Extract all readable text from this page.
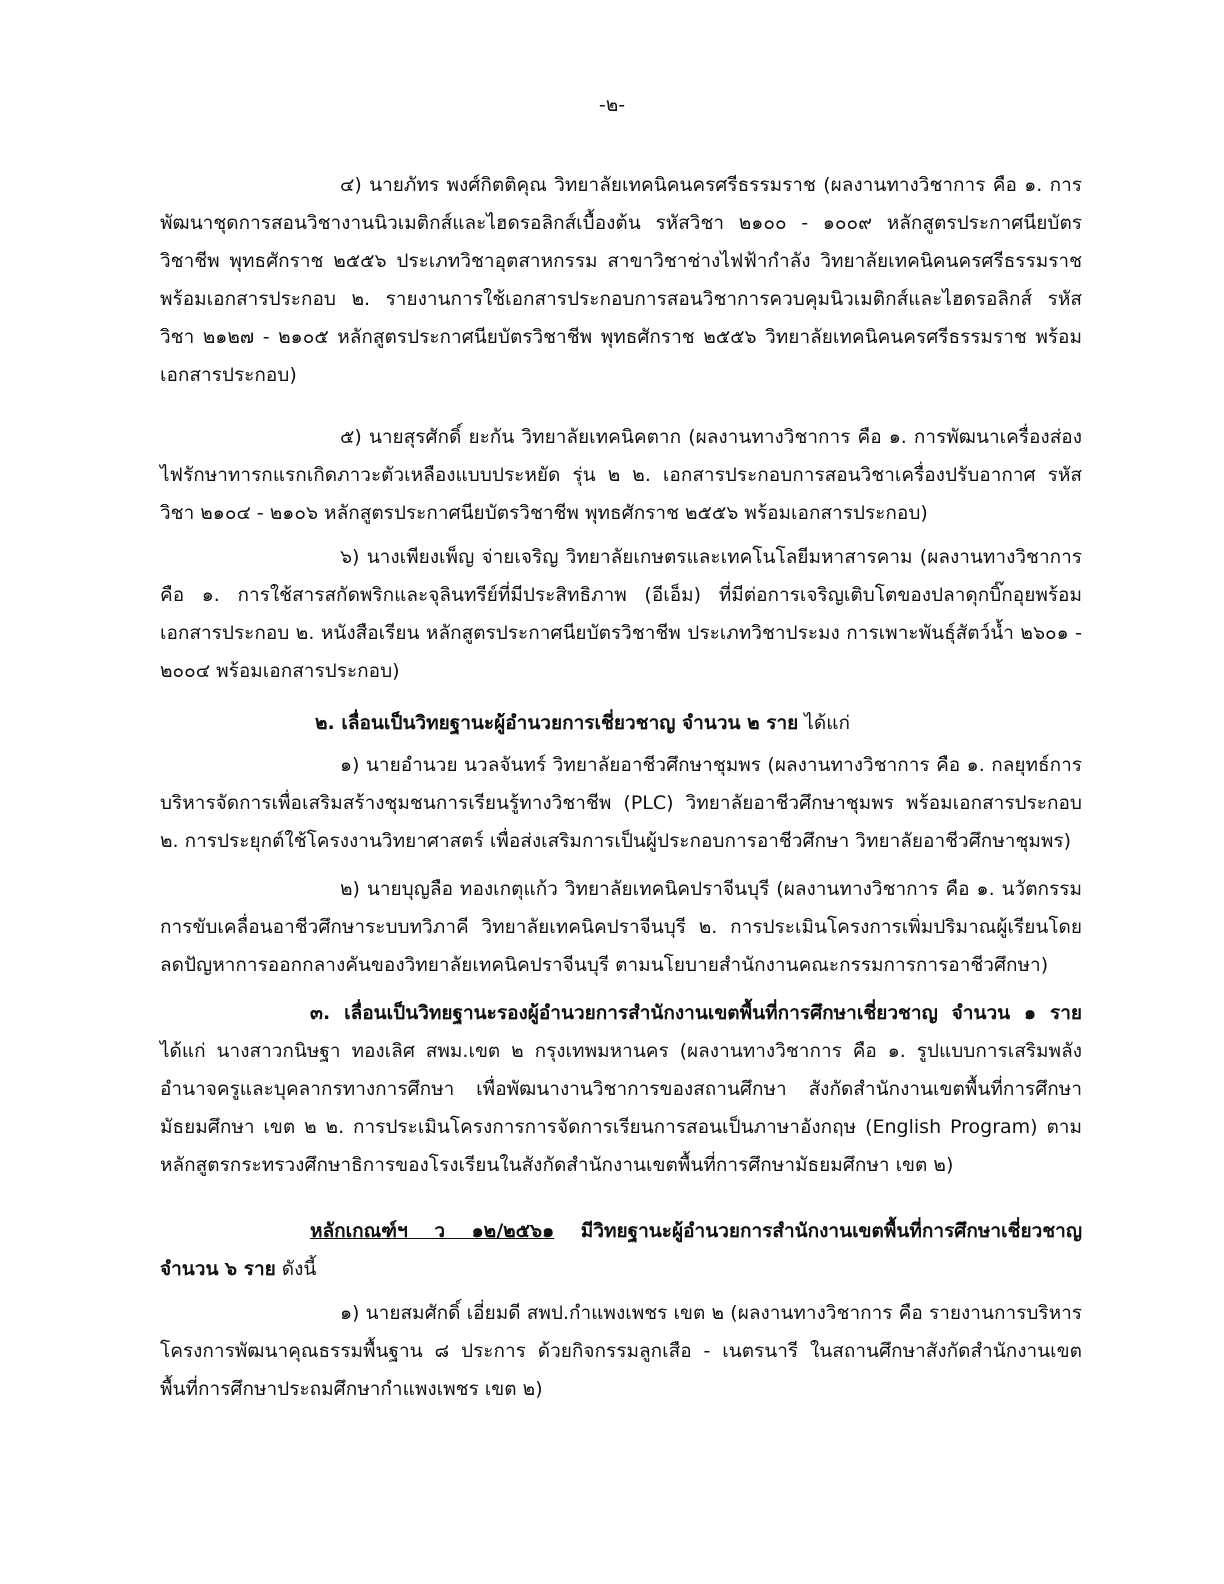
-๒-
๔) นายภัทร พงศ์กิตติคุณ วิทยาลัยเทคนิคนครศรีธรรมราช (ผลงานทางวิชาการ คือ ๑. การพัฒนาชุดการสอนวิชางานนิวเมติกส์และไฮดรอลิกส์เบื้องต้น รหัสวิชา ๒๑๐๐ - ๑๐๐๙ หลักสูตรประกาศนียบัตรวิชาชีพ พุทธศักราช ๒๕๕๖ ประเภทวิชาอุตสาหกรรม สาขาวิชาช่างไฟฟ้ากำลัง วิทยาลัยเทคนิคนครศรีธรรมราช พร้อมเอกสารประกอบ ๒. รายงานการใช้เอกสารประกอบการสอนวิชาการควบคุมนิวเมติกส์และไฮดรอลิกส์ รหัสวิชา ๒๑๒๗ - ๒๑๐๕ หลักสูตรประกาศนียบัตรวิชาชีพ พุทธศักราช ๒๕๕๖ วิทยาลัยเทคนิคนครศรีธรรมราช พร้อมเอกสารประกอบ)
๕) นายสุรศักดิ์ ยะกัน วิทยาลัยเทคนิคตาก (ผลงานทางวิชาการ คือ ๑. การพัฒนาเครื่องส่องไฟรักษาทารกแรกเกิดภาวะตัวเหลืองแบบประหยัด รุ่น ๒ ๒. เอกสารประกอบการสอนวิชาเครื่องปรับอากาศ รหัสวิชา ๒๑๐๔ - ๒๑๐๖ หลักสูตรประกาศนียบัตรวิชาชีพ พุทธศักราช ๒๕๕๖ พร้อมเอกสารประกอบ)
๖) นางเพียงเพ็ญ จ่ายเจริญ วิทยาลัยเกษตรและเทคโนโลยีมหาสารคาม (ผลงานทางวิชาการ คือ ๑. การใช้สารสกัดพริกและจุลินทรีย์ที่มีประสิทธิภาพ (อีเอ็ม) ที่มีต่อการเจริญเติบโตของปลาดุกบิ๊กอุยพร้อมเอกสารประกอบ ๒. หนังสือเรียน หลักสูตรประกาศนียบัตรวิชาชีพ ประเภทวิชาประมง การเพาะพันธุ์สัตว์น้ำ ๒๖๐๑ - ๒๐๐๔ พร้อมเอกสารประกอบ)
๒. เลื่อนเป็นวิทยฐานะผู้อำนวยการเชี่ยวชาญ จำนวน ๒ ราย ได้แก่
๑) นายอำนวย นวลจันทร์ วิทยาลัยอาชีวศึกษาชุมพร (ผลงานทางวิชาการ คือ ๑. กลยุทธ์การบริหารจัดการเพื่อเสริมสร้างชุมชนการเรียนรู้ทางวิชาชีพ (PLC) วิทยาลัยอาชีวศึกษาชุมพร พร้อมเอกสารประกอบ ๒. การประยุกต์ใช้โครงงานวิทยาศาสตร์ เพื่อส่งเสริมการเป็นผู้ประกอบการอาชีวศึกษา วิทยาลัยอาชีวศึกษาชุมพร)
๒) นายบุญลือ ทองเกตุแก้ว วิทยาลัยเทคนิคปราจีนบุรี (ผลงานทางวิชาการ คือ ๑. นวัตกรรมการขับเคลื่อนอาชีวศึกษาระบบทวิภาคี วิทยาลัยเทคนิคปราจีนบุรี ๒. การประเมินโครงการเพิ่มปริมาณผู้เรียนโดยลดปัญหาการออกกลางคันของวิทยาลัยเทคนิคปราจีนบุรี ตามนโยบายสำนักงานคณะกรรมการการอาชีวศึกษา)
๓. เลื่อนเป็นวิทยฐานะรองผู้อำนวยการสำนักงานเขตพื้นที่การศึกษาเชี่ยวชาญ จำนวน ๑ ราย ได้แก่ นางสาวกนิษฐา ทองเลิศ สพม.เขต ๒ กรุงเทพมหานคร (ผลงานทางวิชาการ คือ ๑. รูปแบบการเสริมพลังอำนาจครูและบุคลากรทางการศึกษา เพื่อพัฒนางานวิชาการของสถานศึกษา สังกัดสำนักงานเขตพื้นที่การศึกษามัธยมศึกษา เขต ๒ ๒. การประเมินโครงการการจัดการเรียนการสอนเป็นภาษาอังกฤษ (English Program) ตามหลักสูตรกระทรวงศึกษาธิการของโรงเรียนในสังกัดสำนักงานเขตพื้นที่การศึกษามัธยมศึกษา เขต ๒)
หลักเกณฑ์ฯ ว ๑๒/๒๕๖๑ มีวิทยฐานะผู้อำนวยการสำนักงานเขตพื้นที่การศึกษาเชี่ยวชาญ จำนวน ๖ ราย ดังนี้
๑) นายสมศักดิ์ เอี่ยมดี สพป.กำแพงเพชร เขต ๒ (ผลงานทางวิชาการ คือ รายงานการบริหารโครงการพัฒนาคุณธรรมพื้นฐาน ๘ ประการ ด้วยกิจกรรมลูกเสือ - เนตรนารี ในสถานศึกษาสังกัดสำนักงานเขตพื้นที่การศึกษาประถมศึกษากำแพงเพชร เขต ๒)
